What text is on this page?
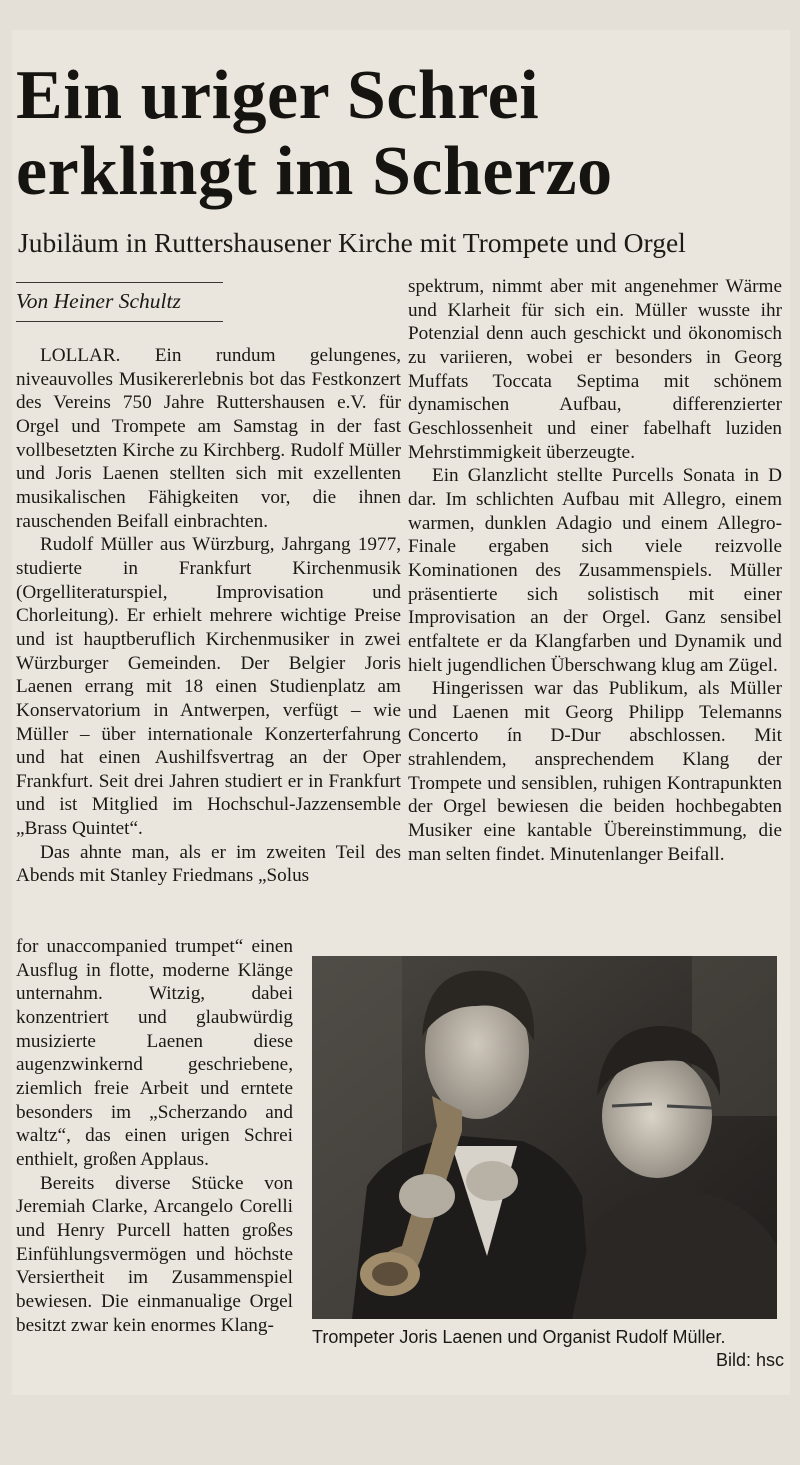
Ein uriger Schrei
erklingt im Scherzo
Jubiläum in Ruttershausener Kirche mit Trompete und Orgel
Von Heiner Schultz

LOLLAR. Ein rundum gelungenes, niveauvolles Musikererlebnis bot das Festkonzert des Vereins 750 Jahre Ruttershausen e.V. für Orgel und Trompete am Samstag in der fast vollbesetzten Kirche zu Kirchberg. Rudolf Müller und Joris Laenen stellten sich mit exzellenten musikalischen Fähigkeiten vor, die ihnen rauschenden Beifall einbrachten.

Rudolf Müller aus Würzburg, Jahrgang 1977, studierte in Frankfurt Kirchenmusik (Orgelliteraturspiel, Improvisation und Chorleitung). Er erhielt mehrere wichtige Preise und ist hauptberuflich Kirchenmusiker in zwei Würzburger Gemeinden. Der Belgier Joris Laenen errang mit 18 einen Studienplatz am Konservatorium in Antwerpen, verfügt – wie Müller – über internationale Konzerterfahrung und hat einen Aushilfsvertrag an der Oper Frankfurt. Seit drei Jahren studiert er in Frankfurt und ist Mitglied im Hochschul-Jazzensemble „Brass Quintet“.

Das ahnte man, als er im zweiten Teil des Abends mit Stanley Friedmans „Solus

for unaccompanied trumpet“ einen Ausflug in flotte, moderne Klänge unternahm. Witzig, dabei konzentriert und glaubwürdig musizierte Laenen diese augenzwinkernd geschriebene, ziemlich freie Arbeit und erntete besonders im „Scherzando and waltz“, das einen urigen Schrei enthielt, großen Applaus.

Bereits diverse Stücke von Jeremiah Clarke, Arcangelo Corelli und Henry Purcell hatten großes Einfühlungsvermögen und höchste Versiertheit im Zusammenspiel bewiesen. Die einmanualige Orgel besitzt zwar kein enormes Klang-

spektrum, nimmt aber mit angenehmer Wärme und Klarheit für sich ein. Müller wusste ihr Potenzial denn auch geschickt und ökonomisch zu variieren, wobei er besonders in Georg Muffats Toccata Septima mit schönem dynamischen Aufbau, differenzierter Geschlossenheit und einer fabelhaft luziden Mehrstimmigkeit überzeugte.

Ein Glanzlicht stellte Purcells Sonata in D dar. Im schlichten Aufbau mit Allegro, einem warmen, dunklen Adagio und einem Allegro-Finale ergaben sich viele reizvolle Kominationen des Zusammenspiels. Müller präsentierte sich solistisch mit einer Improvisation an der Orgel. Ganz sensibel entfaltete er da Klangfarben und Dynamik und hielt jugendlichen Überschwang klug am Zügel.

Hingerissen war das Publikum, als Müller und Laenen mit Georg Philipp Telemanns Concerto ín D-Dur abschlossen. Mit strahlendem, ansprechendem Klang der Trompete und sensiblen, ruhigen Kontrapunkten der Orgel bewiesen die beiden hochbegabten Musiker eine kantable Übereinstimmung, die man selten findet. Minutenlanger Beifall.

Trompeter Joris Laenen und Organist Rudolf Müller.
Bild: hsc
